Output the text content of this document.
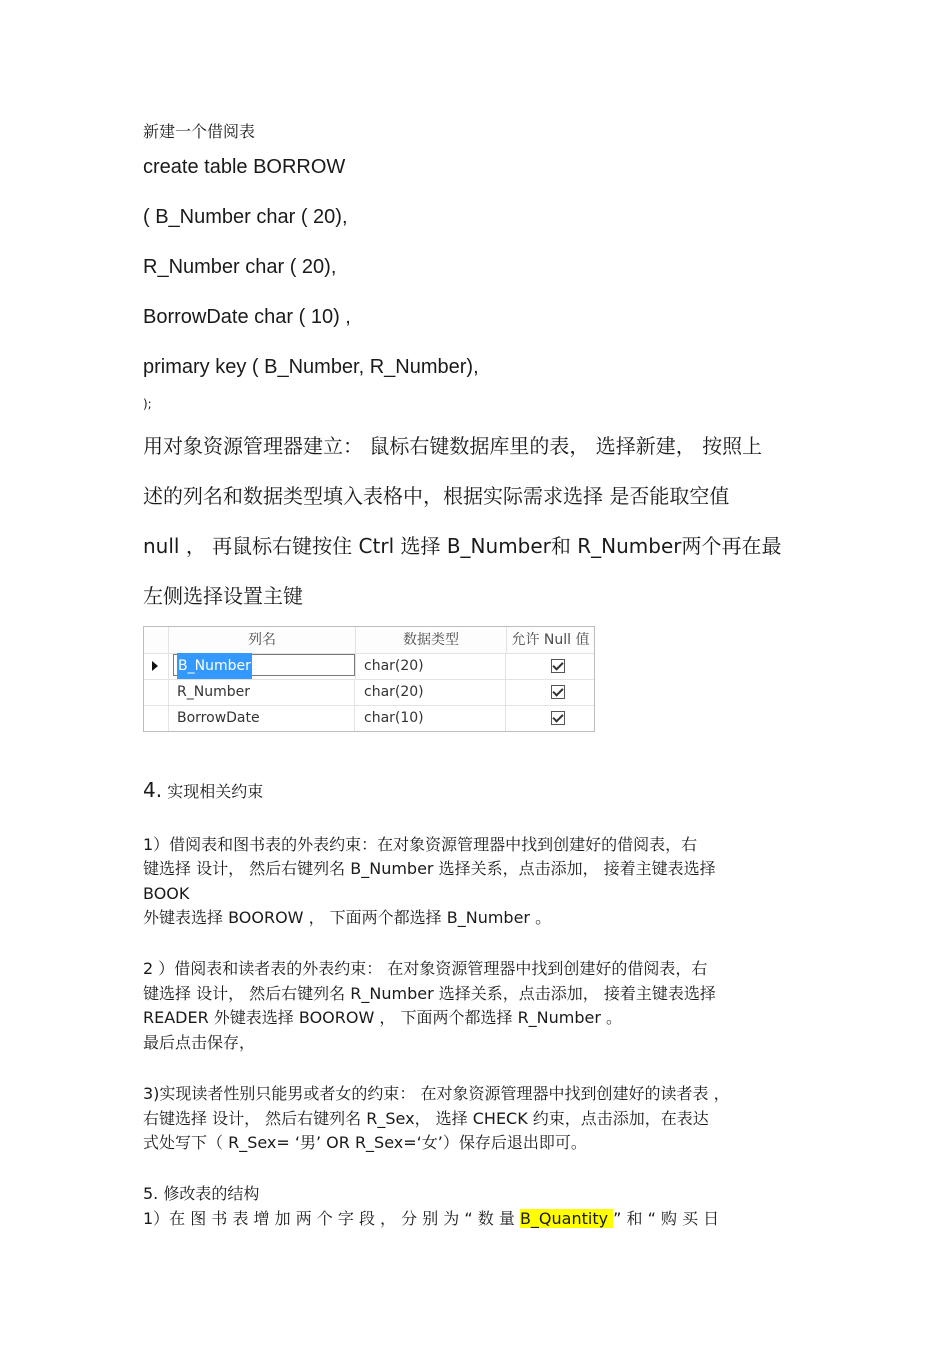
新建一个借阅表
create table BORROW
( B_Number char ( 20),
R_Number char ( 20),
BorrowDate char ( 10) ,
primary key ( B_Number, R_Number),
);
用对象资源管理器建立： 鼠标右键数据库里的表， 选择新建， 按照上
述的列名和数据类型填入表格中，根据实际需求选择 是否能取空值
null ， 再鼠标右键按住 Ctrl 选择 B_Number和 R_Number两个再在最
左侧选择设置主键
列名	数据类型	允许 Null 值
B_Number	char(20)
R_Number	char(20)
BorrowDate	char(10)
4. 实现相关约束
1）借阅表和图书表的外表约束：在对象资源管理器中找到创建好的借阅表，右
键选择 设计， 然后右键列名 B_Number 选择关系，点击添加， 接着主键表选择
BOOK
外键表选择 BOOROW ， 下面两个都选择 B_Number 。
2 ）借阅表和读者表的外表约束： 在对象资源管理器中找到创建好的借阅表，右
键选择 设计， 然后右键列名 R_Number 选择关系，点击添加， 接着主键表选择
READER 外键表选择 BOOROW ， 下面两个都选择 R_Number 。
最后点击保存，
3)实现读者性别只能男或者女的约束： 在对象资源管理器中找到创建好的读者表 ，
右键选择 设计， 然后右键列名 R_Sex， 选择 CHECK 约束，点击添加，在表达
式处写下（ R_Sex= ‘男’ OR R_Sex=‘女’）保存后退出即可。
5. 修改表的结构
1）在 图 书 表 增 加 两 个 字 段 ， 分 别 为 “ 数 量 B_Quantity ” 和 “ 购 买 日
